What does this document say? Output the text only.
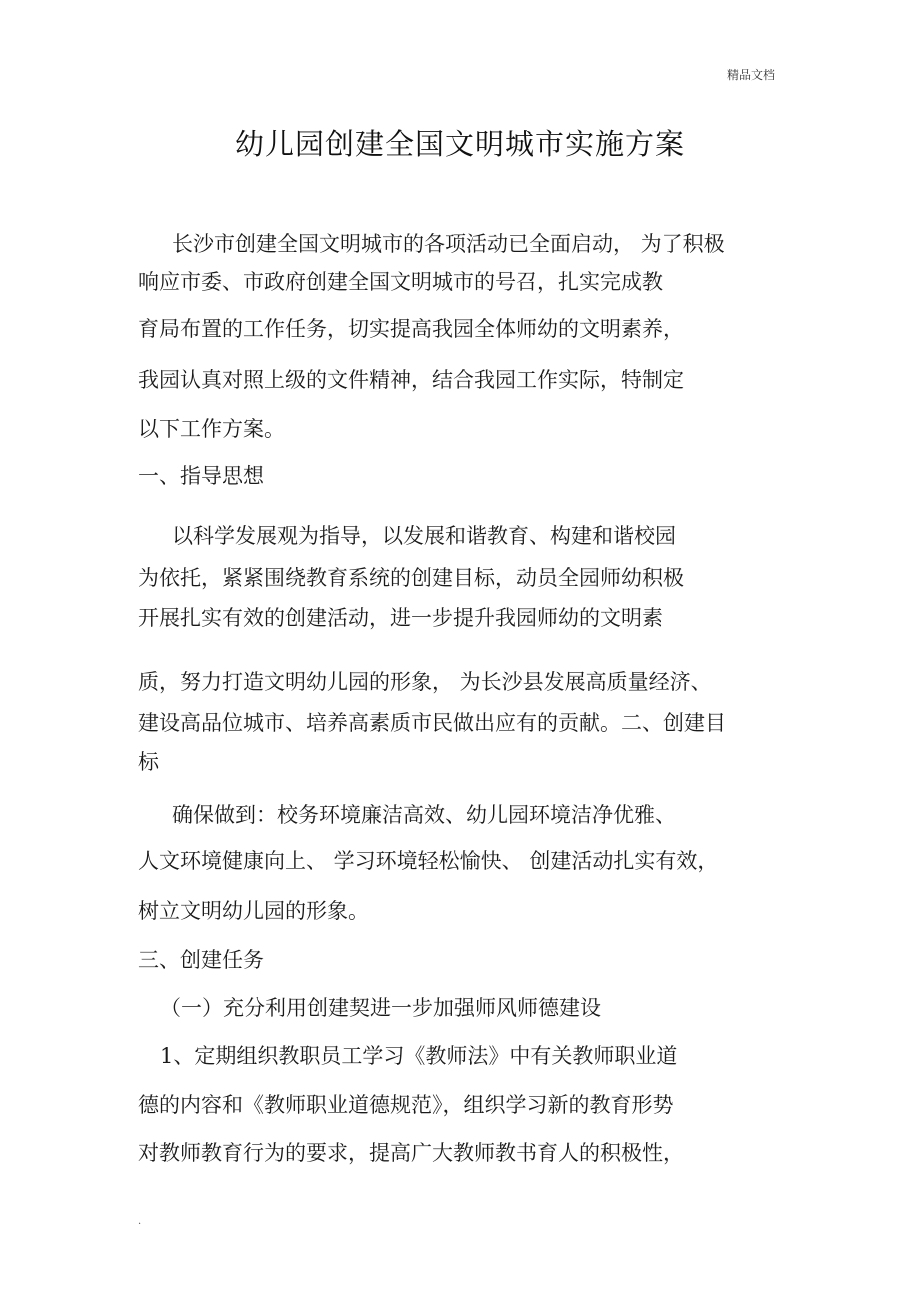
精品文档
幼儿园创建全国文明城市实施方案
长沙市创建全国文明城市的各项活动已全面启动， 为了积极
响应市委、市政府创建全国文明城市的号召，扎实完成教
育局布置的工作任务，切实提高我园全体师幼的文明素养，
我园认真对照上级的文件精神，结合我园工作实际，特制定
以下工作方案。
一、指导思想
以科学发展观为指导，以发展和谐教育、构建和谐校园
为依托，紧紧围绕教育系统的创建目标，动员全园师幼积极
开展扎实有效的创建活动，进一步提升我园师幼的文明素
质，努力打造文明幼儿园的形象， 为长沙县发展高质量经济、
建设高品位城市、培养高素质市民做出应有的贡献。二、创建目
标
确保做到：校务环境廉洁高效、幼儿园环境洁净优雅、
人文环境健康向上、 学习环境轻松愉快、 创建活动扎实有效，
树立文明幼儿园的形象。
三、创建任务
（一）充分利用创建契进一步加强师风师德建设
1、定期组织教职员工学习《教师法》中有关教师职业道
德的内容和《教师职业道德规范》，组织学习新的教育形势
对教师教育行为的要求，提高广大教师教书育人的积极性，
.
